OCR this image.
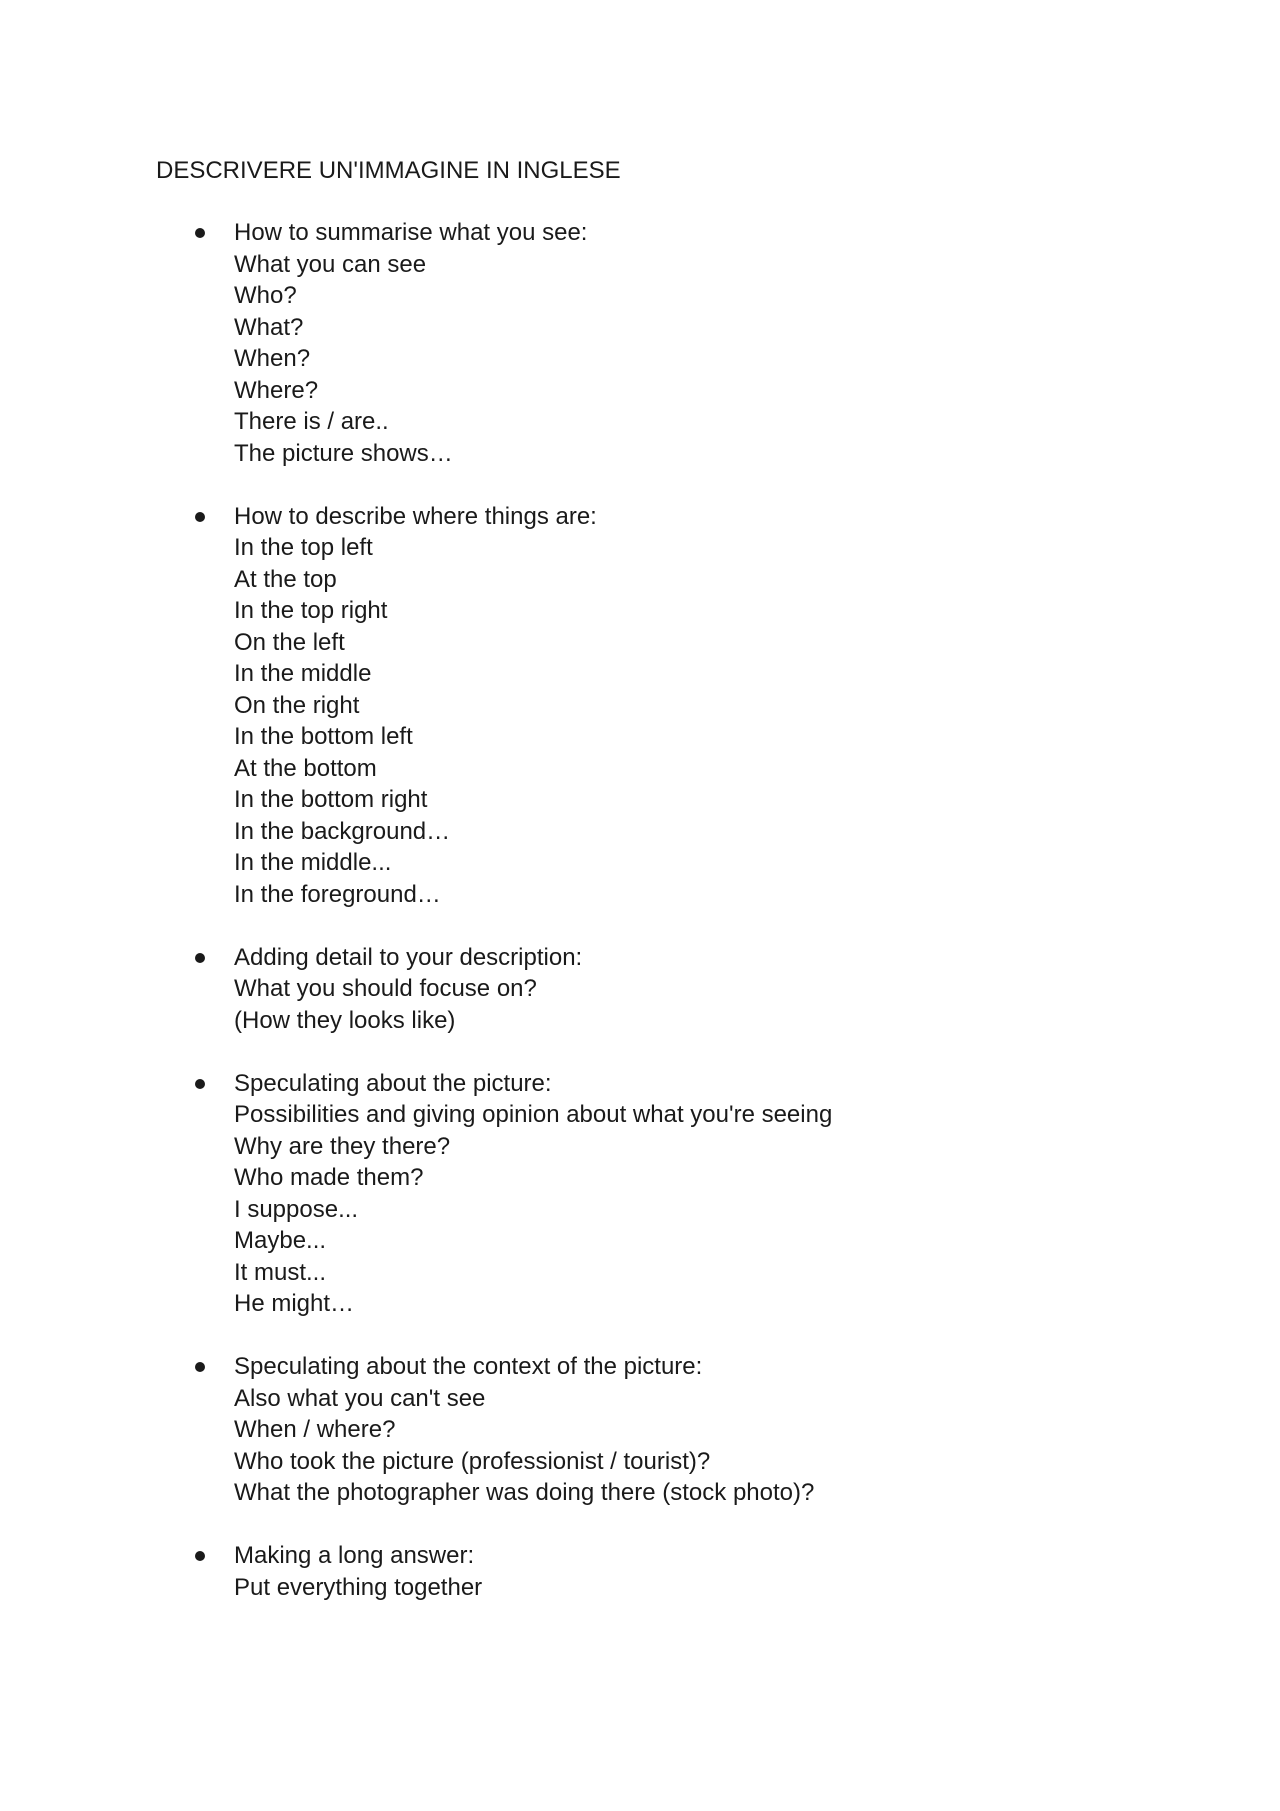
DESCRIVERE UN'IMMAGINE IN INGLESE

How to summarise what you see:

What you can see

Who?

What?

When?

Where?

There is / are..

The picture shows…

How to describe where things are:

In the top left

At the top

In the top right

On the left

In the middle

On the right

In the bottom left

At the bottom

In the bottom right

In the background…

In the middle...

In the foreground…

Adding detail to your description:

What you should focuse on?

(How they looks like)

Speculating about the picture:

Possibilities and giving opinion about what you're seeing

Why are they there?

Who made them?

I suppose...

Maybe...

It must...

He might…

Speculating about the context of the picture:

Also what you can't see

When / where?

Who took the picture (professionist / tourist)?

What the photographer was doing there (stock photo)?

Making a long answer:

Put everything together
